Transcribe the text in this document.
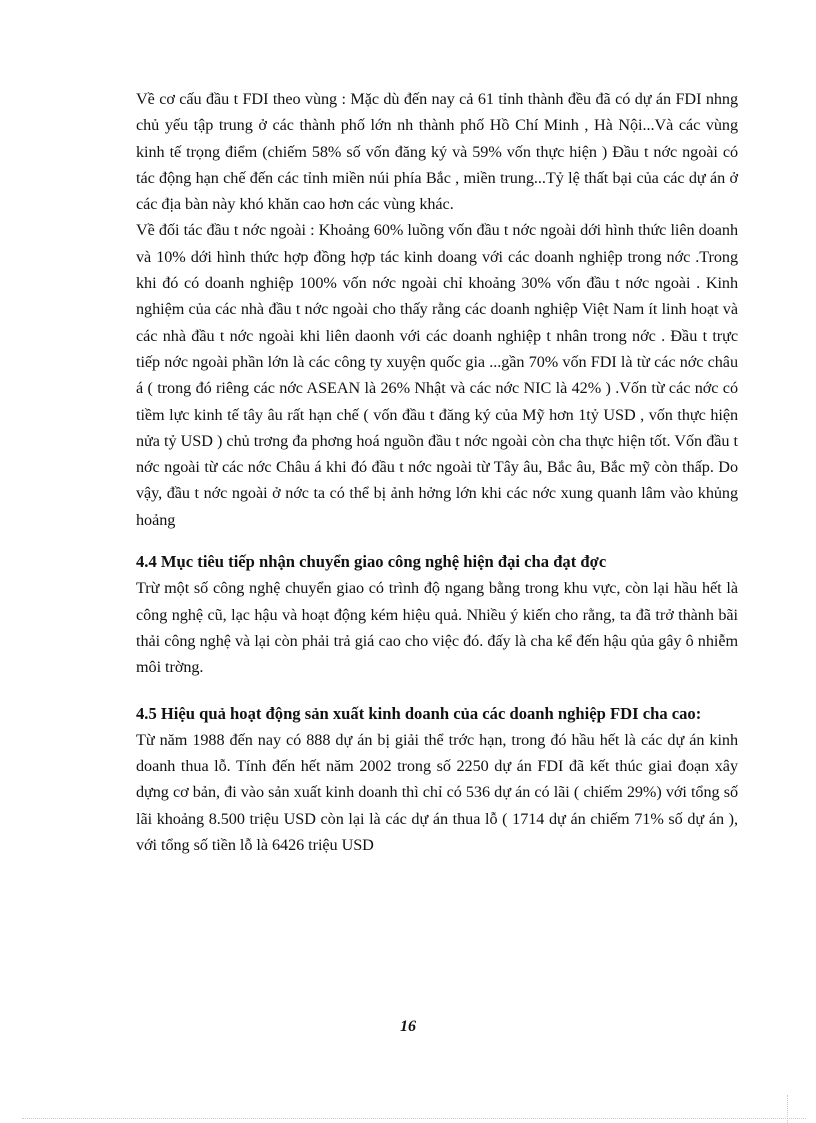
Về cơ cấu đầu t FDI theo vùng : Mặc dù đến nay cả 61 tỉnh thành đều đã có dự án FDI nhng chủ yếu tập trung ở các thành phố lớn nh thành phố Hồ Chí Minh , Hà Nội...Và các vùng kinh tế trọng điểm (chiếm 58% số vốn đăng ký và 59% vốn thực hiện ) Đầu t nớc ngoài có tác động hạn chế đến các tỉnh miền núi phía Bắc , miền trung...Tỷ lệ thất bại của các dự án ở các địa bàn này khó khăn cao hơn các vùng khác.

Về đối tác đầu t nớc ngoài : Khoảng 60% luồng vốn đầu t nớc ngoài dới hình thức liên doanh và 10% dới hình thức hợp đồng hợp tác kinh doang với các doanh nghiệp trong nớc .Trong khi đó có doanh nghiệp 100% vốn nớc ngoài chỉ khoảng 30% vốn đầu t nớc ngoài . Kinh nghiệm của các nhà đầu t nớc ngoài cho thấy rằng các doanh nghiệp Việt Nam ít linh hoạt và các nhà đầu t nớc ngoài khi liên daonh với các doanh nghiệp t nhân trong nớc . Đầu t trực tiếp nớc ngoài phần lớn là các công ty xuyện quốc gia ...gần 70% vốn FDI là từ các nớc châu á ( trong đó riêng các nớc ASEAN là 26% Nhật và các nớc NIC là 42% ) .Vốn từ các nớc có tiềm lực kinh tế tây âu rất hạn chế ( vốn đầu t đăng ký của Mỹ hơn 1tỷ USD , vốn thực hiện nửa tỷ USD ) chủ trơng đa phơng hoá nguồn đầu t nớc ngoài còn cha thực hiện tốt. Vốn đầu t nớc ngoài từ các nớc Châu á khi đó đầu t nớc ngoài từ Tây âu, Bắc âu, Bắc mỹ còn thấp. Do vậy, đầu t nớc ngoài ở nớc ta có thể bị ảnh hởng lớn khi các nớc xung quanh lâm vào khủng hoảng

4.4 Mục tiêu tiếp nhận chuyển giao công nghệ hiện đại cha đạt đợc

Trừ một số công nghệ chuyển giao có trình độ ngang bằng trong khu vực, còn lại hầu hết là công nghệ cũ, lạc hậu và hoạt động kém hiệu quả. Nhiều ý kiến cho rằng, ta đã trở thành bãi thải công nghệ và lại còn phải trả giá cao cho việc đó. đấy là cha kể đến hậu qủa gây ô nhiễm môi trờng.

4.5 Hiệu quả hoạt động sản xuất kinh doanh của các doanh nghiệp FDI cha cao:

Từ năm 1988 đến nay có 888 dự án bị giải thể trớc hạn, trong đó hầu hết là các dự án kinh doanh thua lỗ. Tính đến hết năm 2002 trong số 2250 dự án FDI đã kết thúc giai đoạn xây dựng cơ bản, đi vào sản xuất kinh doanh thì chỉ có 536 dự án có lãi ( chiếm 29%) với tổng số lãi khoảng 8.500 triệu USD còn lại là các dự án thua lỗ ( 1714 dự án chiếm 71% số dự án ), với tổng số tiền lỗ là 6426 triệu USD

16
